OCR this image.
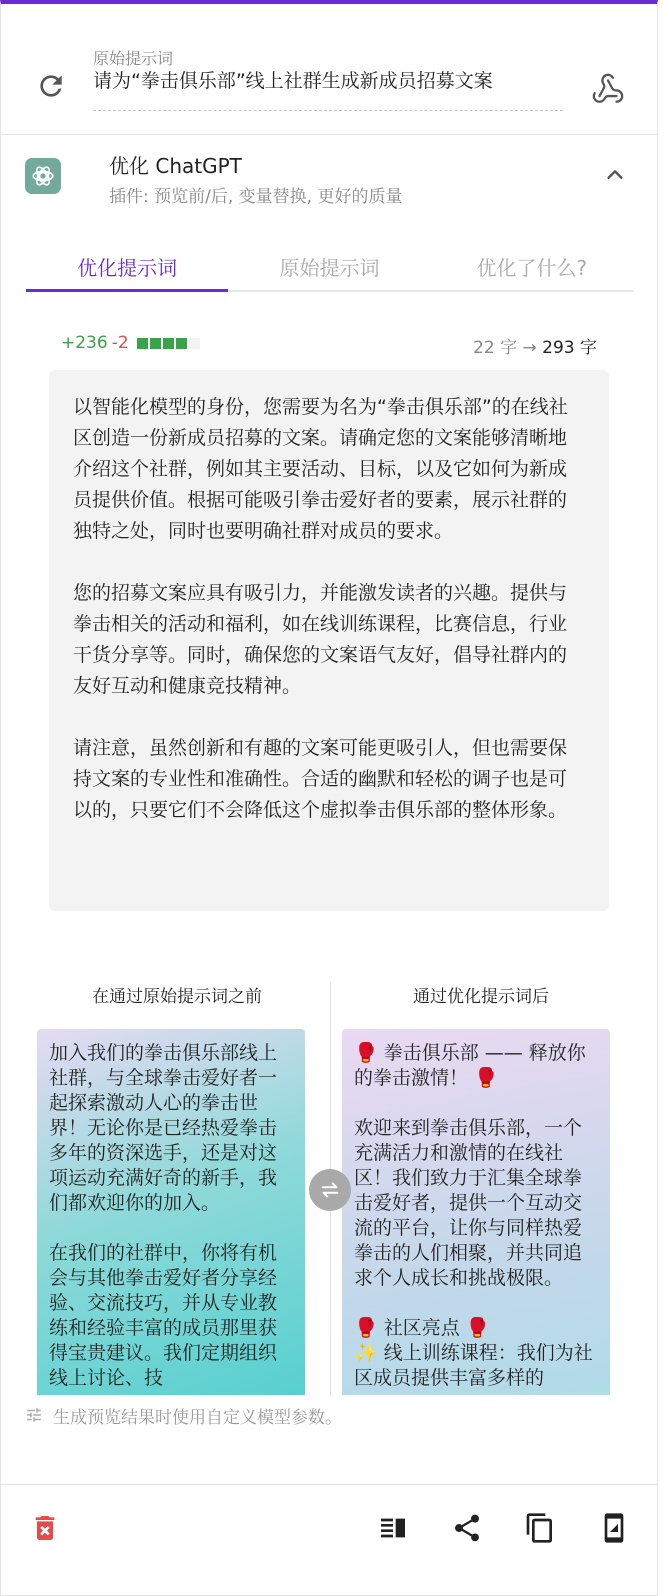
原始提示词
请为“拳击俱乐部”线上社群生成新成员招募文案
优化 ChatGPT
插件: 预览前/后, 变量替换, 更好的质量
优化提示词	原始提示词	优化了什么?
+236 -2	22 字 → 293 字

以智能化模型的身份，您需要为名为“拳击俱乐部”的在线社区创造一份新成员招募的文案。请确定您的文案能够清晰地介绍这个社群，例如其主要活动、目标，以及它如何为新成员提供价值。根据可能吸引拳击爱好者的要素，展示社群的独特之处，同时也要明确社群对成员的要求。

您的招募文案应具有吸引力，并能激发读者的兴趣。提供与拳击相关的活动和福利，如在线训练课程，比赛信息，行业干货分享等。同时，确保您的文案语气友好，倡导社群内的友好互动和健康竞技精神。

请注意，虽然创新和有趣的文案可能更吸引人，但也需要保持文案的专业性和准确性。合适的幽默和轻松的调子也是可以的，只要它们不会降低这个虚拟拳击俱乐部的整体形象。

在通过原始提示词之前	通过优化提示词后

加入我们的拳击俱乐部线上社群，与全球拳击爱好者一起探索激动人心的拳击世界！无论你是已经热爱拳击多年的资深选手，还是对这项运动充满好奇的新手，我们都欢迎你的加入。

在我们的社群中，你将有机会与其他拳击爱好者分享经验、交流技巧，并从专业教练和经验丰富的成员那里获得宝贵建议。我们定期组织线上讨论、技

🥊 拳击俱乐部 —— 释放你的拳击激情！ 🥊

欢迎来到拳击俱乐部，一个充满活力和激情的在线社区！我们致力于汇集全球拳击爱好者，提供一个互动交流的平台，让你与同样热爱拳击的人们相聚，并共同追求个人成长和挑战极限。

🥊 社区亮点 🥊
✨ 线上训练课程：我们为社区成员提供丰富多样的

生成预览结果时使用自定义模型参数。
